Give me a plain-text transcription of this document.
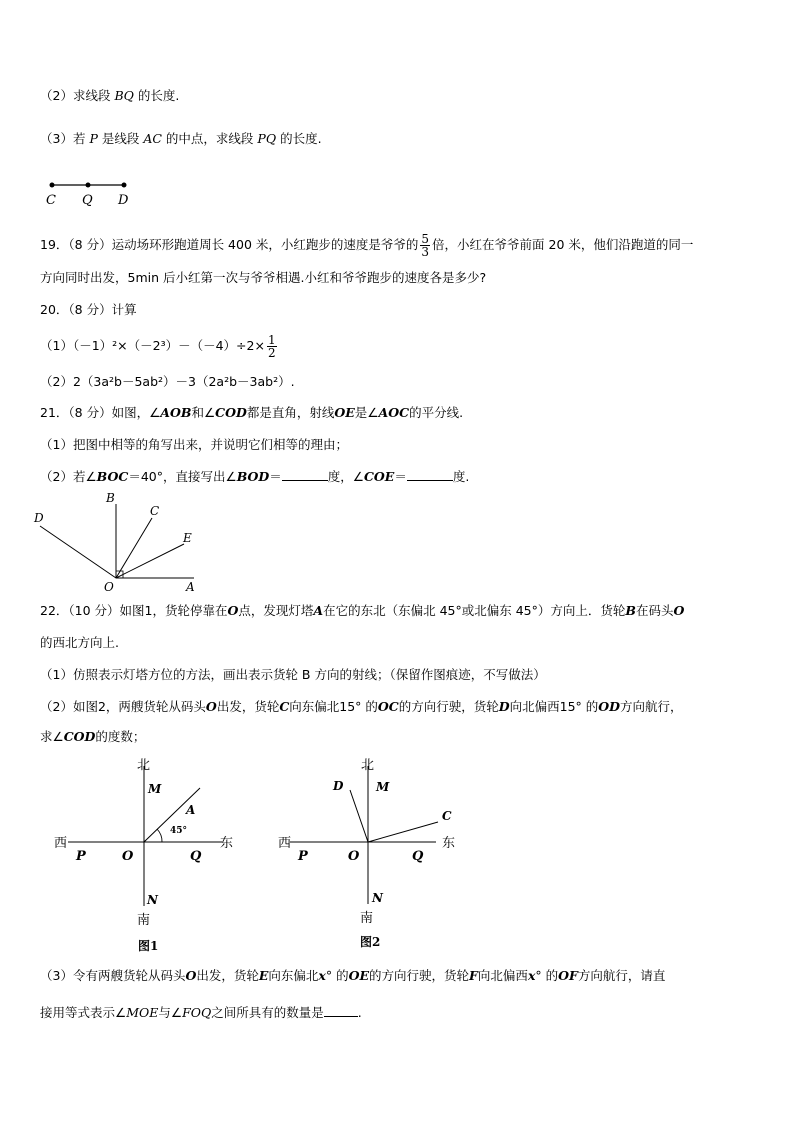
（2）求线段 BQ 的长度.
（3）若 P 是线段 AC 的中点，求线段 PQ 的长度.
C Q D
19．（8 分）运动场环形跑道周长 400 米，小红跑步的速度是爷爷的 $\frac{5}{3}$ 倍，小红在爷爷前面 20 米，他们沿跑道的同一
方向同时出发，5min 后小红第一次与爷爷相遇.小红和爷爷跑步的速度各是多少?
20．（8 分）计算
$(1)(-1)^2\times(-2^3)-(-4)\div 2\times \frac{1}{2}$
（2）2（3a²b－5ab²）－3（2a²b－3ab²）.
21．（8 分）如图，∠AOB和∠COD都是直角，射线OE是∠AOC的平分线.
（1）把图中相等的角写出来，并说明它们相等的理由；
（2）若∠BOC＝40°，直接写出∠BOD＝	度，∠COE＝	度.
B
C
D
E
O	A
22．（10 分）如图1，货轮停靠在O点，发现灯塔A在它的东北（东偏北 45°或北偏东 45°）方向上．货轮B在码头O
的西北方向上.
（1）仿照表示灯塔方位的方法，画出表示货轮 B 方向的射线；（保留作图痕迹，不写做法）
（2）如图2，两艘货轮从码头O出发，货轮C向东偏北15° 的OC的方向行驶，货轮D向北偏西15° 的OD方向航行，
求∠COD的度数；
北
M
A
45°
西	东
P	O	Q
N
南
图1
北
D	M
C
西	东
P	O	Q
N
南
图2
（3）令有两艘货轮从码头O出发，货轮E向东偏北x° 的OE的方向行驶，货轮F向北偏西x° 的OF方向航行，请直
接用等式表示∠MOE与∠FOQ之间所具有的数量是	.
